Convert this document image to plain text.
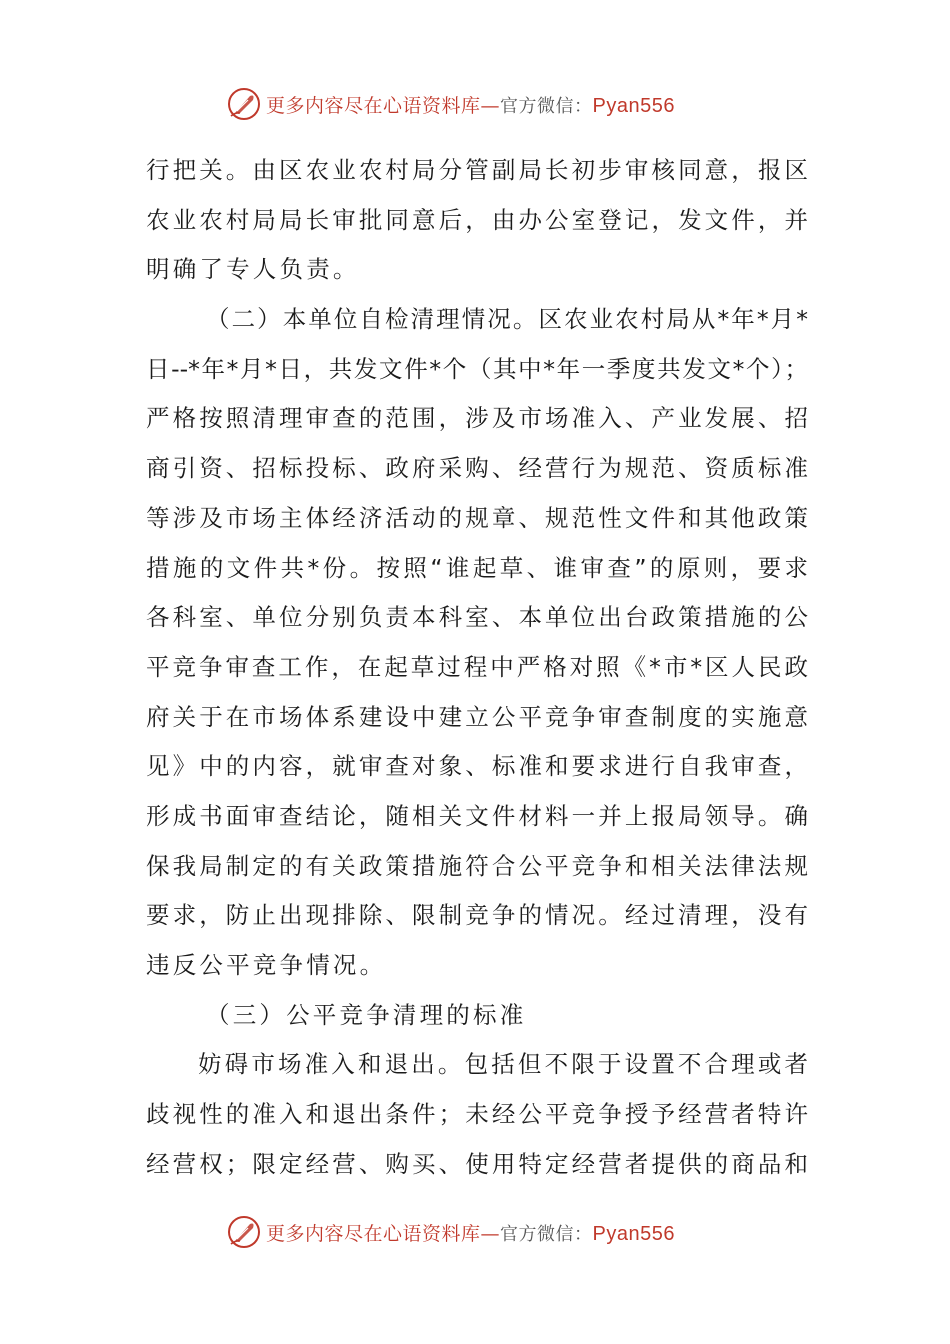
更多内容尽在心语资料库—官方微信：Pyan556
行把关。由区农业农村局分管副局长初步审核同意，报区
农业农村局局长审批同意后，由办公室登记，发文件，并
明确了专人负责。
（二）本单位自检清理情况。区农业农村局从*年*月*
日--*年*月*日，共发文件*个（其中*年一季度共发文*个）；
严格按照清理审查的范围，涉及市场准入、产业发展、招
商引资、招标投标、政府采购、经营行为规范、资质标准
等涉及市场主体经济活动的规章、规范性文件和其他政策
措施的文件共*份。按照“谁起草、谁审查”的原则，要求
各科室、单位分别负责本科室、本单位出台政策措施的公
平竞争审查工作，在起草过程中严格对照《*市*区人民政
府关于在市场体系建设中建立公平竞争审查制度的实施意
见》中的内容，就审查对象、标准和要求进行自我审查，
形成书面审查结论，随相关文件材料一并上报局领导。确
保我局制定的有关政策措施符合公平竞争和相关法律法规
要求，防止出现排除、限制竞争的情况。经过清理，没有
违反公平竞争情况。
（三）公平竞争清理的标准
妨碍市场准入和退出。包括但不限于设置不合理或者
歧视性的准入和退出条件；未经公平竞争授予经营者特许
经营权；限定经营、购买、使用特定经营者提供的商品和
更多内容尽在心语资料库—官方微信：Pyan556
